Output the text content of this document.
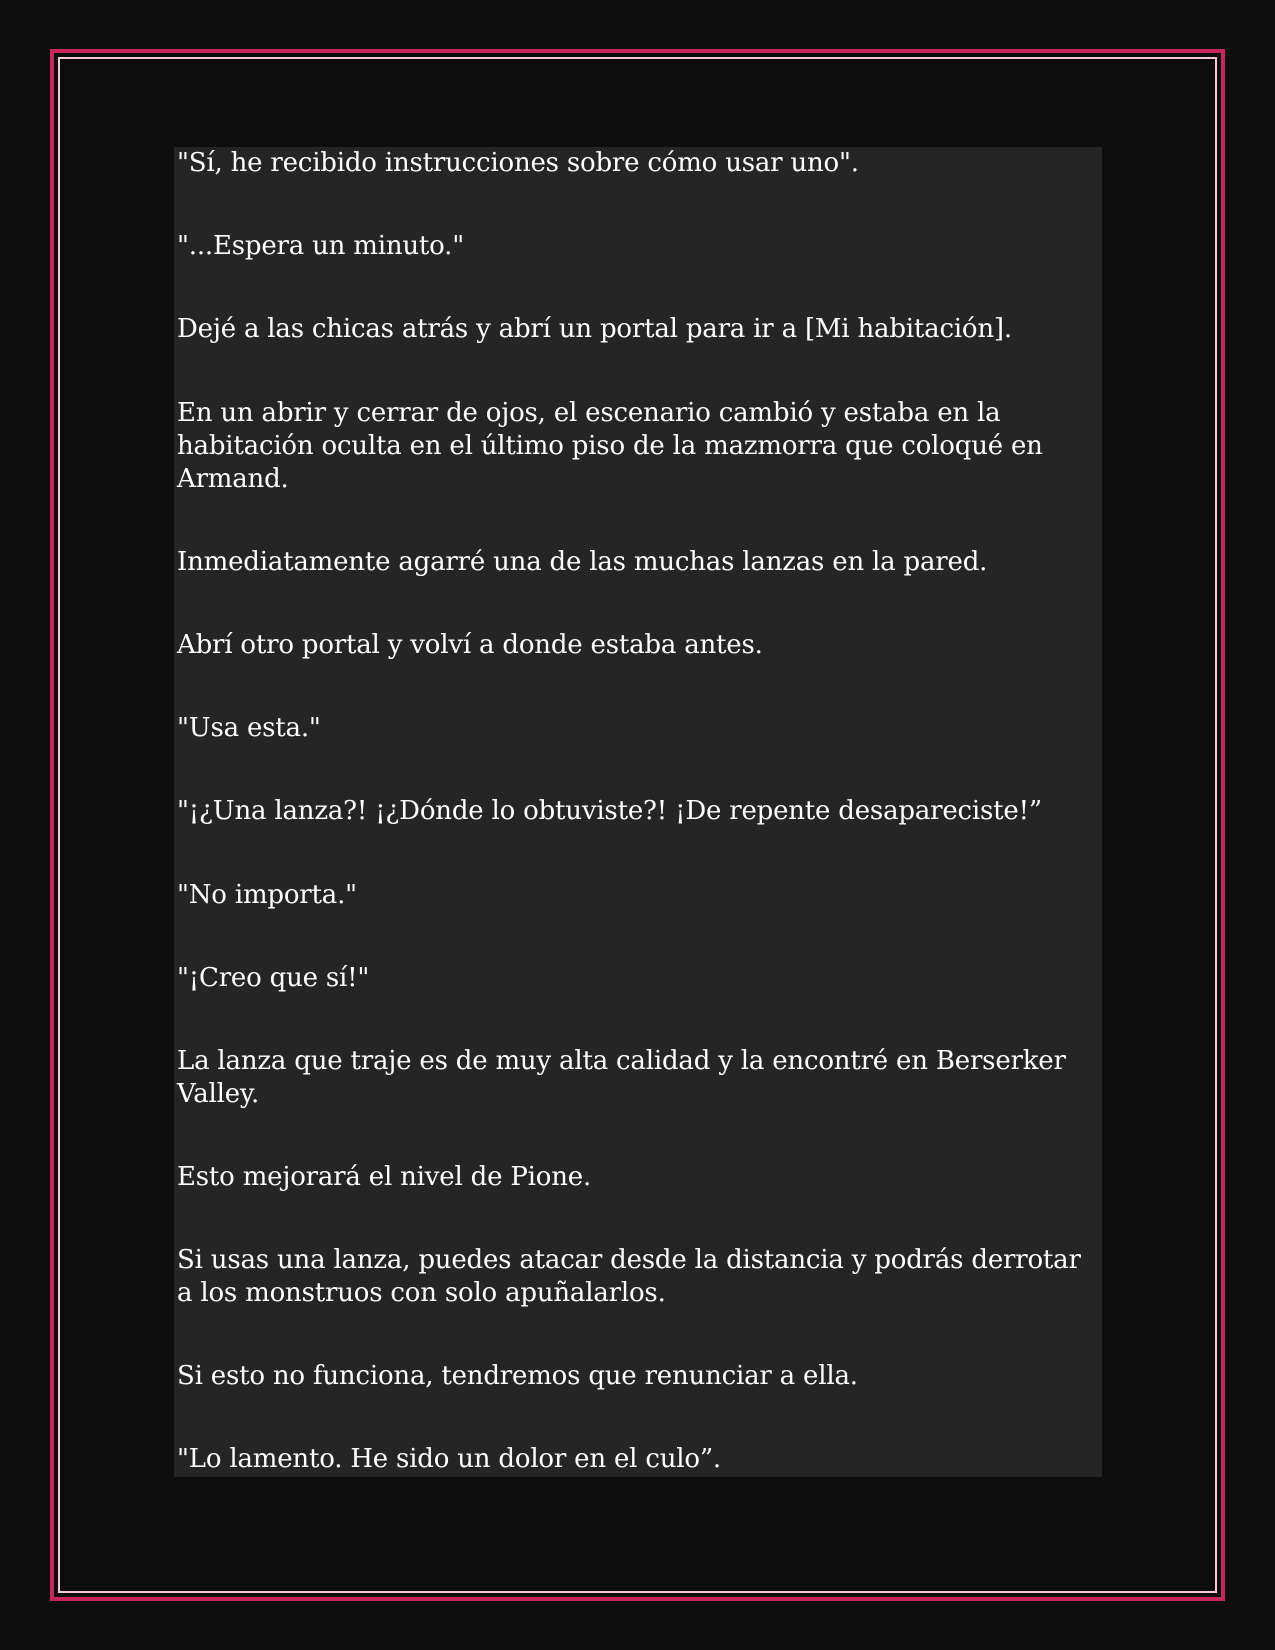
"Sí, he recibido instrucciones sobre cómo usar uno".

"...Espera un minuto."

Dejé a las chicas atrás y abrí un portal para ir a [Mi habitación].

En un abrir y cerrar de ojos, el escenario cambió y estaba en la habitación oculta en el último piso de la mazmorra que coloqué en Armand.

Inmediatamente agarré una de las muchas lanzas en la pared.

Abrí otro portal y volví a donde estaba antes.

"Usa esta."

"¡¿Una lanza?! ¡¿Dónde lo obtuviste?! ¡De repente desapareciste!”

"No importa."

"¡Creo que sí!"

La lanza que traje es de muy alta calidad y la encontré en Berserker Valley.

Esto mejorará el nivel de Pione.

Si usas una lanza, puedes atacar desde la distancia y podrás derrotar a los monstruos con solo apuñalarlos.

Si esto no funciona, tendremos que renunciar a ella.

"Lo lamento. He sido un dolor en el culo”.
